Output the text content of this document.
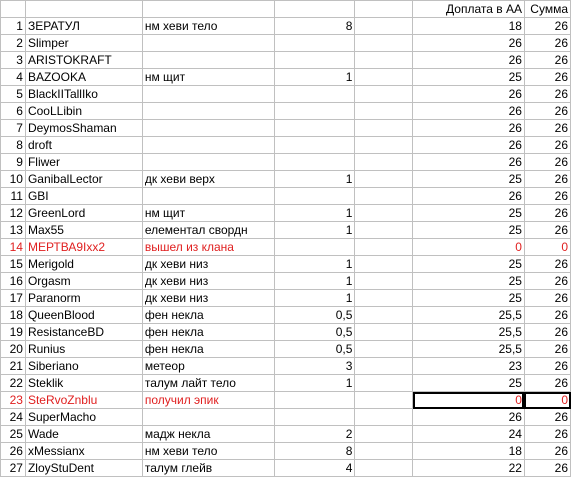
					Доплата в АА	Сумма
1	ЗЕРАТУЛ	нм хеви тело	8		18	26
2	Slimper				26	26
3	ARISTOKRAFT				26	26
4	BAZOOKA	нм щит	1		25	26
5	BlackIITallIko				26	26
6	CooLLibin				26	26
7	DeymosShaman				26	26
8	droft				26	26
9	Fliwer				26	26
10	GanibalLector	дк хеви верх	1		25	26
11	GBI				26	26
12	GreenLord	нм щит	1		25	26
13	Max55	елементал свордн	1		25	26
14	МЕРТВА9Ixx2	вышел из клана			0	0
15	Merigold	дк хеви низ	1		25	26
16	Orgasm	дк хеви низ	1		25	26
17	Paranorm	дк хеви низ	1		25	26
18	QueenBlood	фен некла	0,5		25,5	26
19	ResistanceBD	фен некла	0,5		25,5	26
20	Runius	фен некла	0,5		25,5	26
21	Siberiano	метеор	3		23	26
22	Steklik	талум лайт тело	1		25	26
23	SteRvoZnblu	получил эпик			0	0
24	SuperMacho				26	26
25	Wade	мадж некла	2		24	26
26	xMessianx	нм хеви тело	8		18	26
27	ZloyStuDent	талум глейв	4		22	26
